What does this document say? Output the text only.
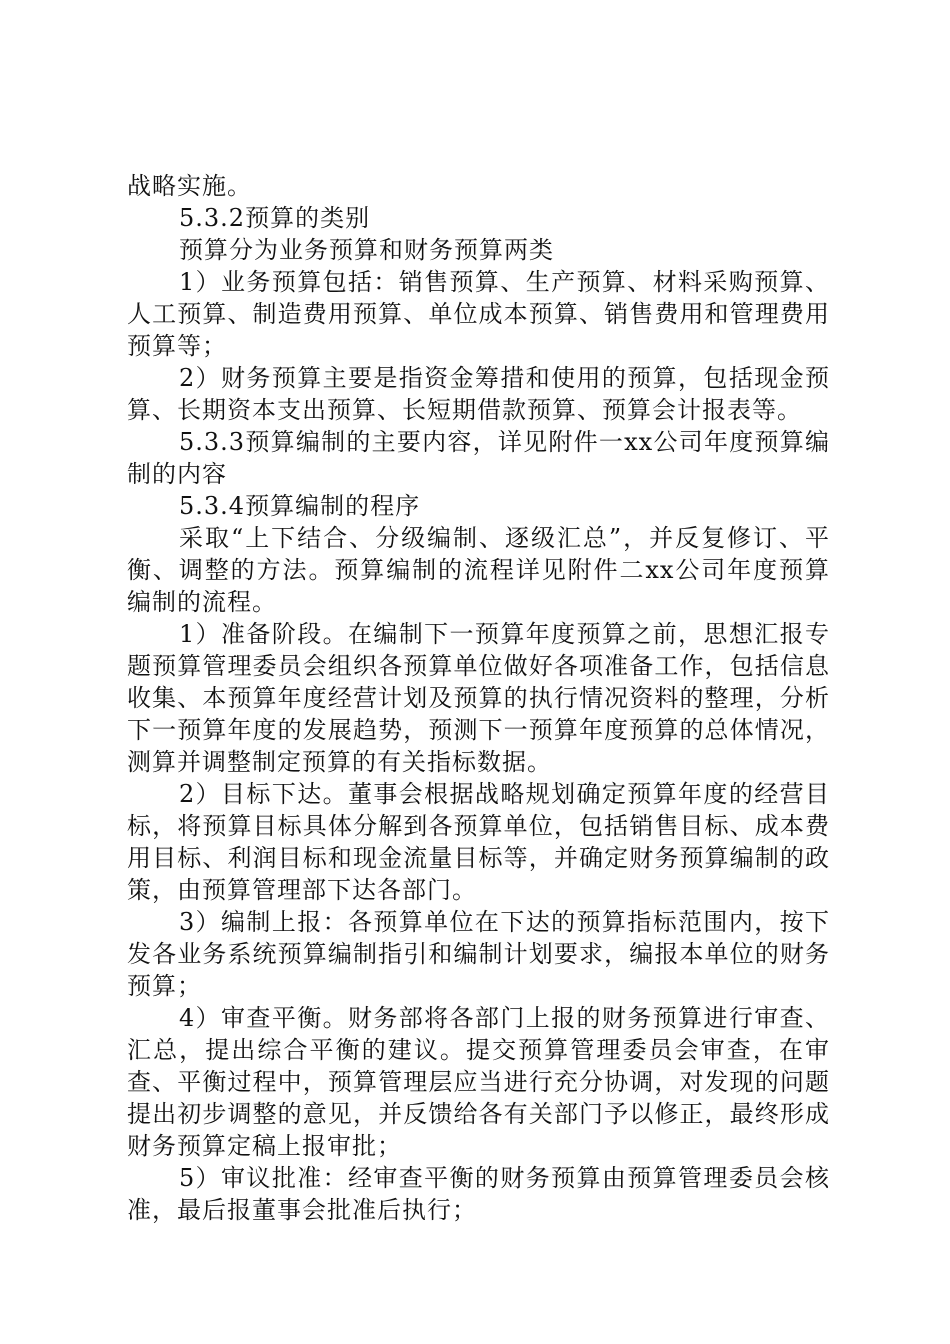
战略实施。

5.3.2预算的类别

预算分为业务预算和财务预算两类

1）业务预算包括：销售预算、生产预算、材料采购预算、人工预算、制造费用预算、单位成本预算、销售费用和管理费用预算等；

2）财务预算主要是指资金筹措和使用的预算，包括现金预算、长期资本支出预算、长短期借款预算、预算会计报表等。

5.3.3预算编制的主要内容，详见附件一xx公司年度预算编制的内容

5.3.4预算编制的程序

采取“上下结合、分级编制、逐级汇总”，并反复修订、平衡、调整的方法。预算编制的流程详见附件二xx公司年度预算编制的流程。

1）准备阶段。在编制下一预算年度预算之前，思想汇报专题预算管理委员会组织各预算单位做好各项准备工作，包括信息收集、本预算年度经营计划及预算的执行情况资料的整理，分析下一预算年度的发展趋势，预测下一预算年度预算的总体情况，测算并调整制定预算的有关指标数据。

2）目标下达。董事会根据战略规划确定预算年度的经营目标，将预算目标具体分解到各预算单位，包括销售目标、成本费用目标、利润目标和现金流量目标等，并确定财务预算编制的政策，由预算管理部下达各部门。

3）编制上报：各预算单位在下达的预算指标范围内，按下发各业务系统预算编制指引和编制计划要求，编报本单位的财务预算；

4）审查平衡。财务部将各部门上报的财务预算进行审查、汇总，提出综合平衡的建议。提交预算管理委员会审查，在审查、平衡过程中，预算管理层应当进行充分协调，对发现的问题提出初步调整的意见，并反馈给各有关部门予以修正，最终形成财务预算定稿上报审批；

5）审议批准：经审查平衡的财务预算由预算管理委员会核准，最后报董事会批准后执行；
